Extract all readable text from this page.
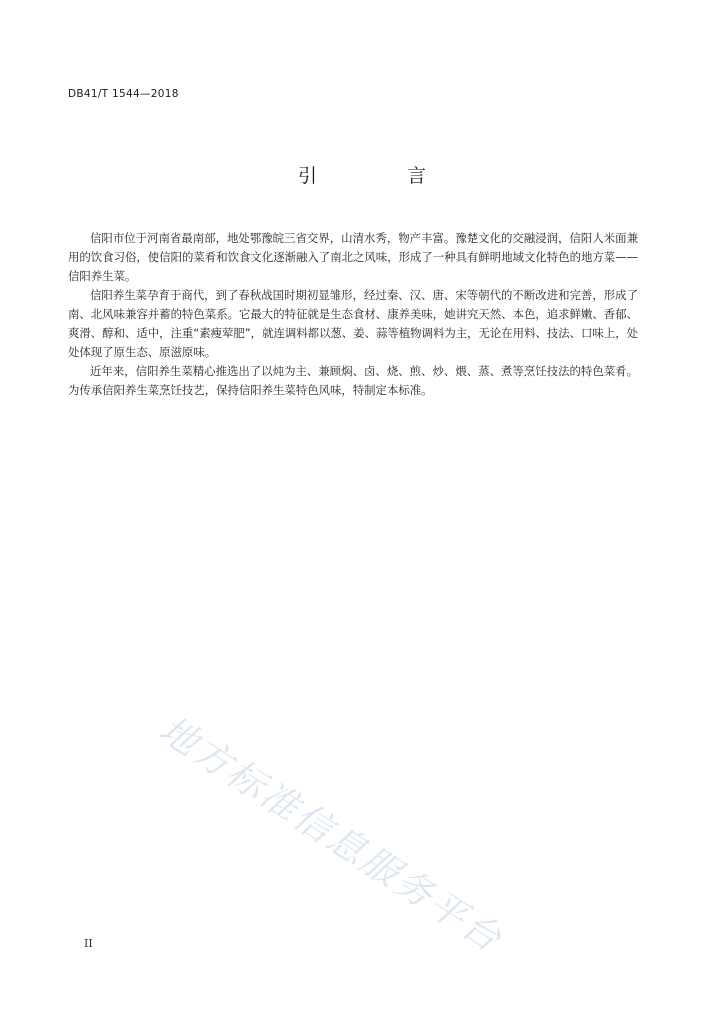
DB41/T 1544—2018
引 言

信阳市位于河南省最南部，地处鄂豫皖三省交界，山清水秀，物产丰富。豫楚文化的交融浸润，信阳人米面兼用的饮食习俗，使信阳的菜肴和饮食文化逐渐融入了南北之风味，形成了一种具有鲜明地域文化特色的地方菜——信阳养生菜。

信阳养生菜孕育于商代，到了春秋战国时期初显雏形，经过秦、汉、唐、宋等朝代的不断改进和完善，形成了南、北风味兼容并蓄的特色菜系。它最大的特征就是生态食材、康养美味，她讲究天然、本色，追求鲜嫩、香郁、爽滑、醇和、适中，注重“素瘦荤肥”，就连调料都以葱、姜、蒜等植物调料为主，无论在用料、技法、口味上，处处体现了原生态、原滋原味。

近年来，信阳养生菜精心推选出了以炖为主、兼顾焖、卤、烧、煎、炒、煨、蒸、煮等烹饪技法的特色菜肴。为传承信阳养生菜烹饪技艺，保持信阳养生菜特色风味，特制定本标准。

地方标准信息服务平台
II
